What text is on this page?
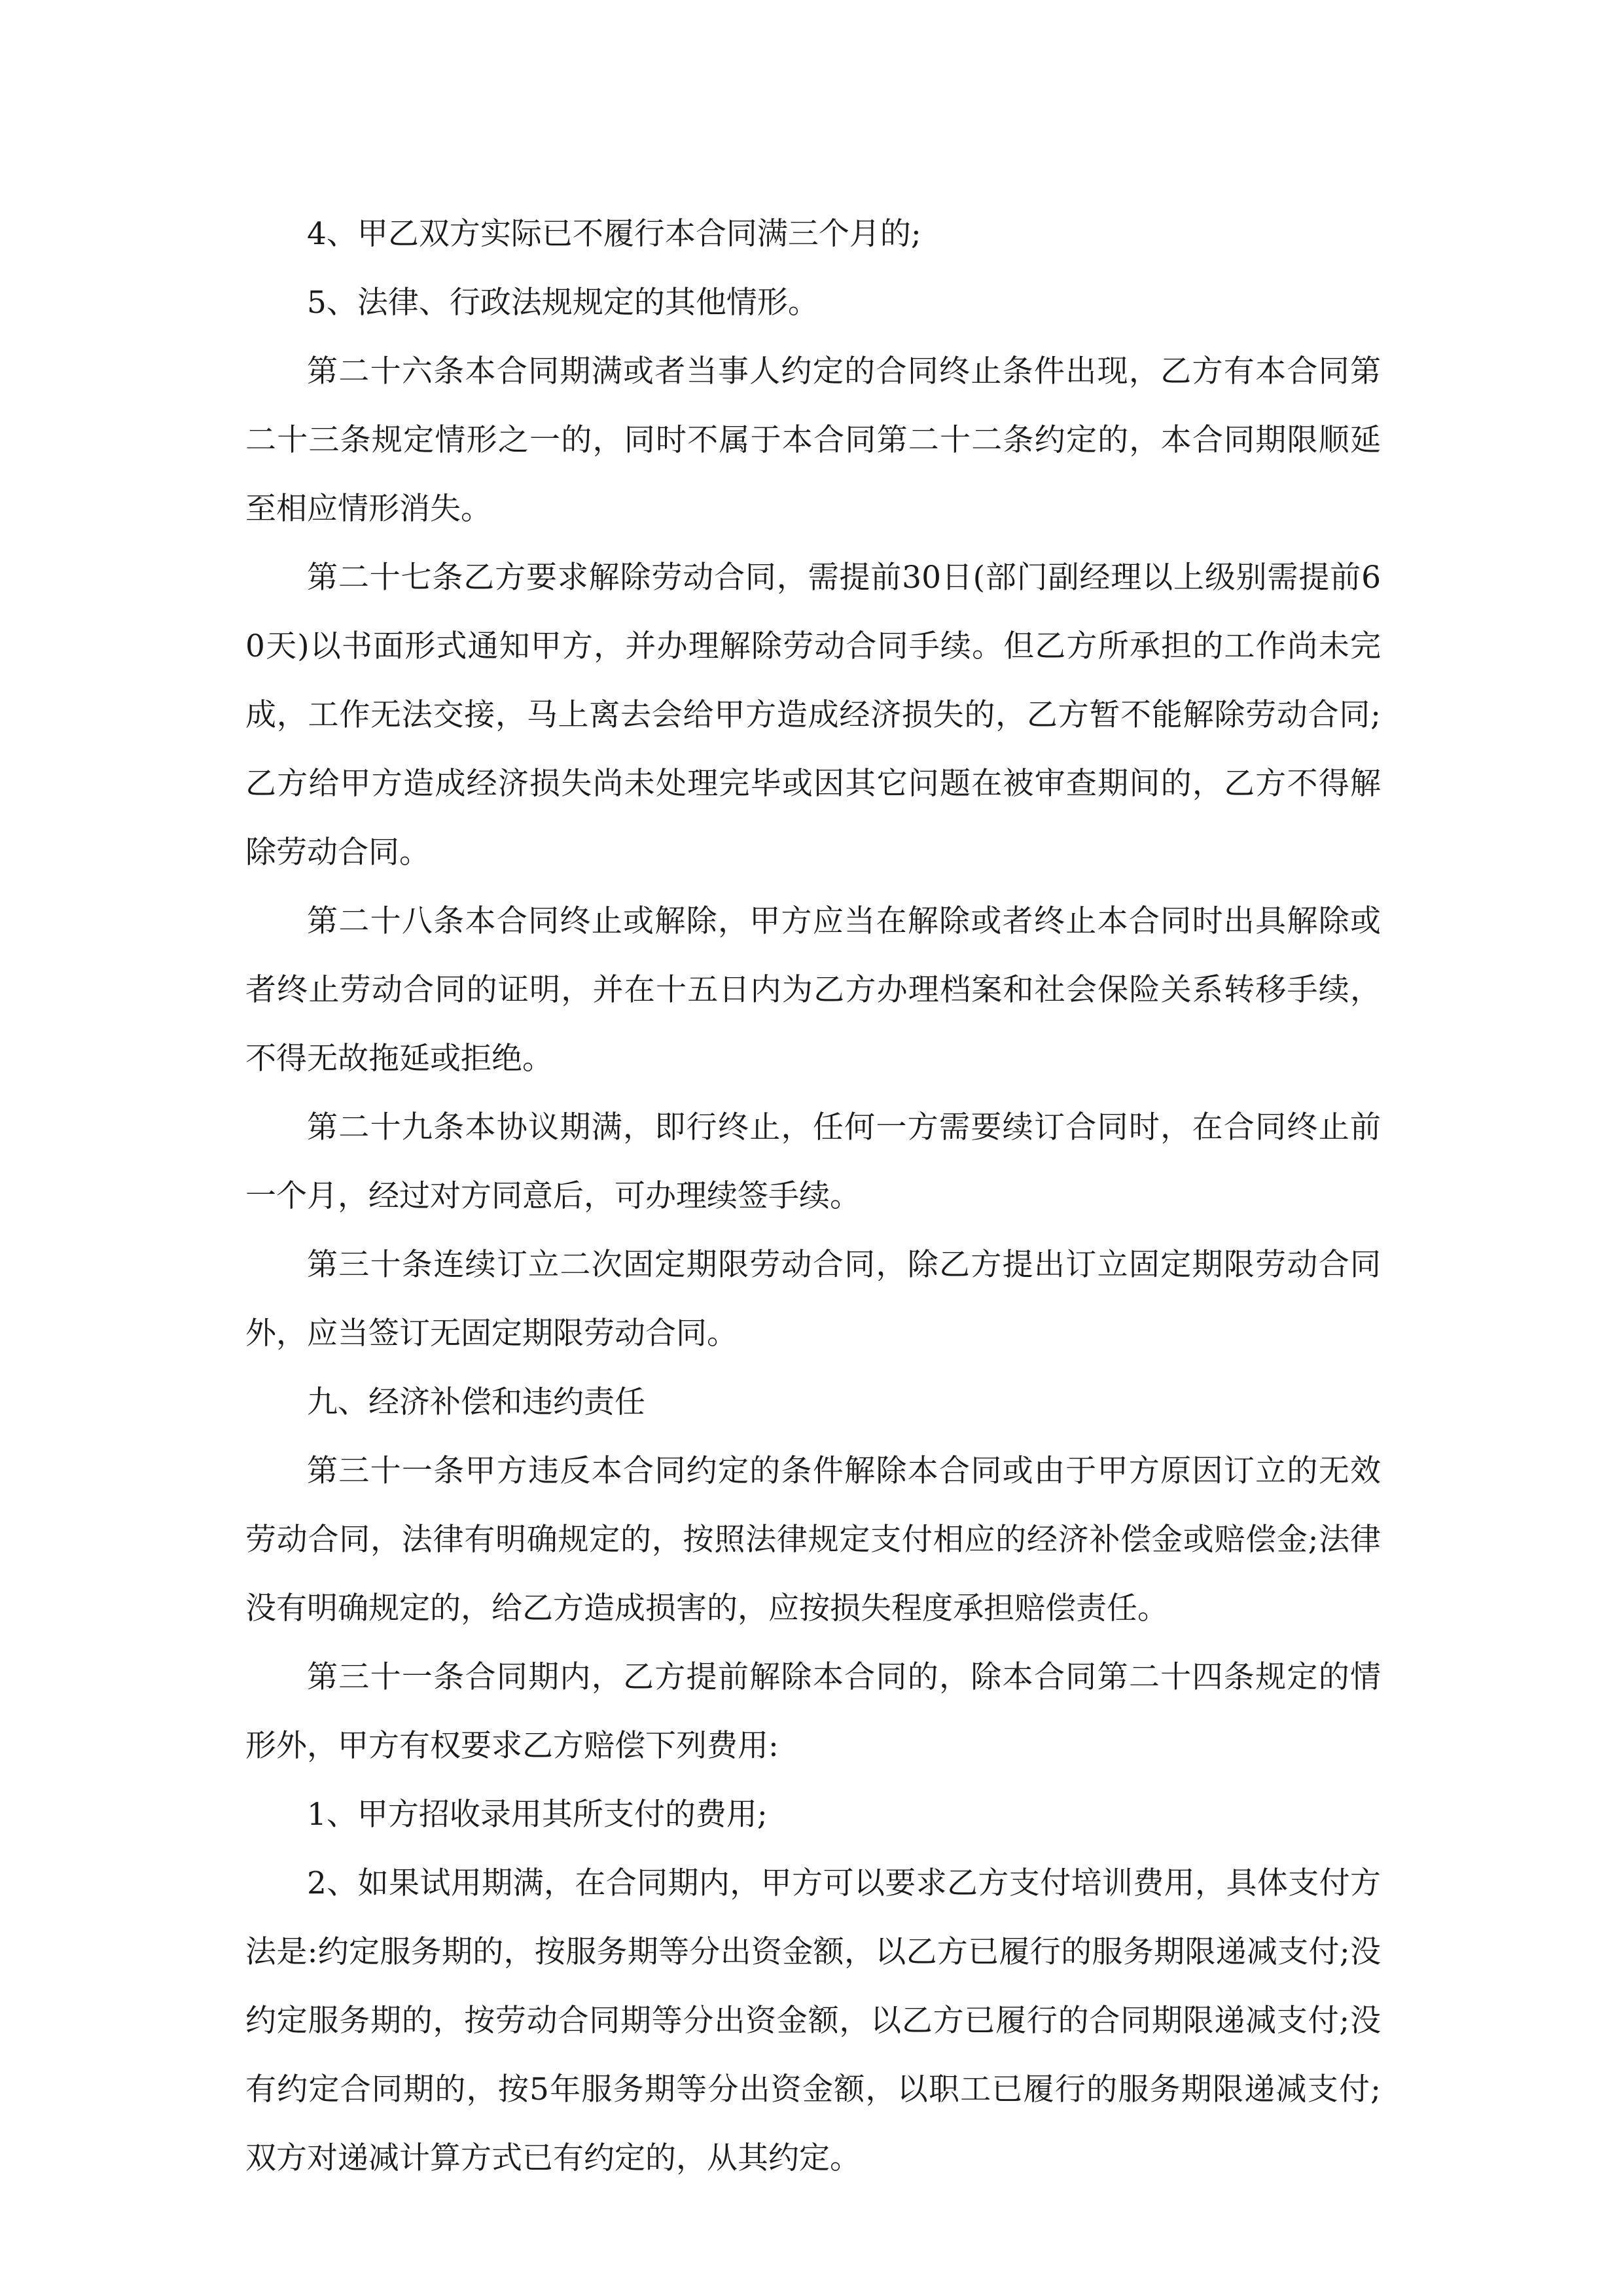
4、甲乙双方实际已不履行本合同满三个月的;

5、法律、行政法规规定的其他情形。

第二十六条本合同期满或者当事人约定的合同终止条件出现，乙方有本合同第二十三条规定情形之一的，同时不属于本合同第二十二条约定的，本合同期限顺延至相应情形消失。

第二十七条乙方要求解除劳动合同，需提前30日(部门副经理以上级别需提前60天)以书面形式通知甲方，并办理解除劳动合同手续。但乙方所承担的工作尚未完成，工作无法交接，马上离去会给甲方造成经济损失的，乙方暂不能解除劳动合同;乙方给甲方造成经济损失尚未处理完毕或因其它问题在被审查期间的，乙方不得解除劳动合同。

第二十八条本合同终止或解除，甲方应当在解除或者终止本合同时出具解除或者终止劳动合同的证明，并在十五日内为乙方办理档案和社会保险关系转移手续，不得无故拖延或拒绝。

第二十九条本协议期满，即行终止，任何一方需要续订合同时，在合同终止前一个月，经过对方同意后，可办理续签手续。

第三十条连续订立二次固定期限劳动合同，除乙方提出订立固定期限劳动合同外，应当签订无固定期限劳动合同。

九、经济补偿和违约责任

第三十一条甲方违反本合同约定的条件解除本合同或由于甲方原因订立的无效劳动合同，法律有明确规定的，按照法律规定支付相应的经济补偿金或赔偿金;法律没有明确规定的，给乙方造成损害的，应按损失程度承担赔偿责任。

第三十一条合同期内，乙方提前解除本合同的，除本合同第二十四条规定的情形外，甲方有权要求乙方赔偿下列费用:

1、甲方招收录用其所支付的费用;

2、如果试用期满，在合同期内，甲方可以要求乙方支付培训费用，具体支付方法是:约定服务期的，按服务期等分出资金额，以乙方已履行的服务期限递减支付;没约定服务期的，按劳动合同期等分出资金额，以乙方已履行的合同期限递减支付;没有约定合同期的，按5年服务期等分出资金额，以职工已履行的服务期限递减支付;双方对递减计算方式已有约定的，从其约定。
